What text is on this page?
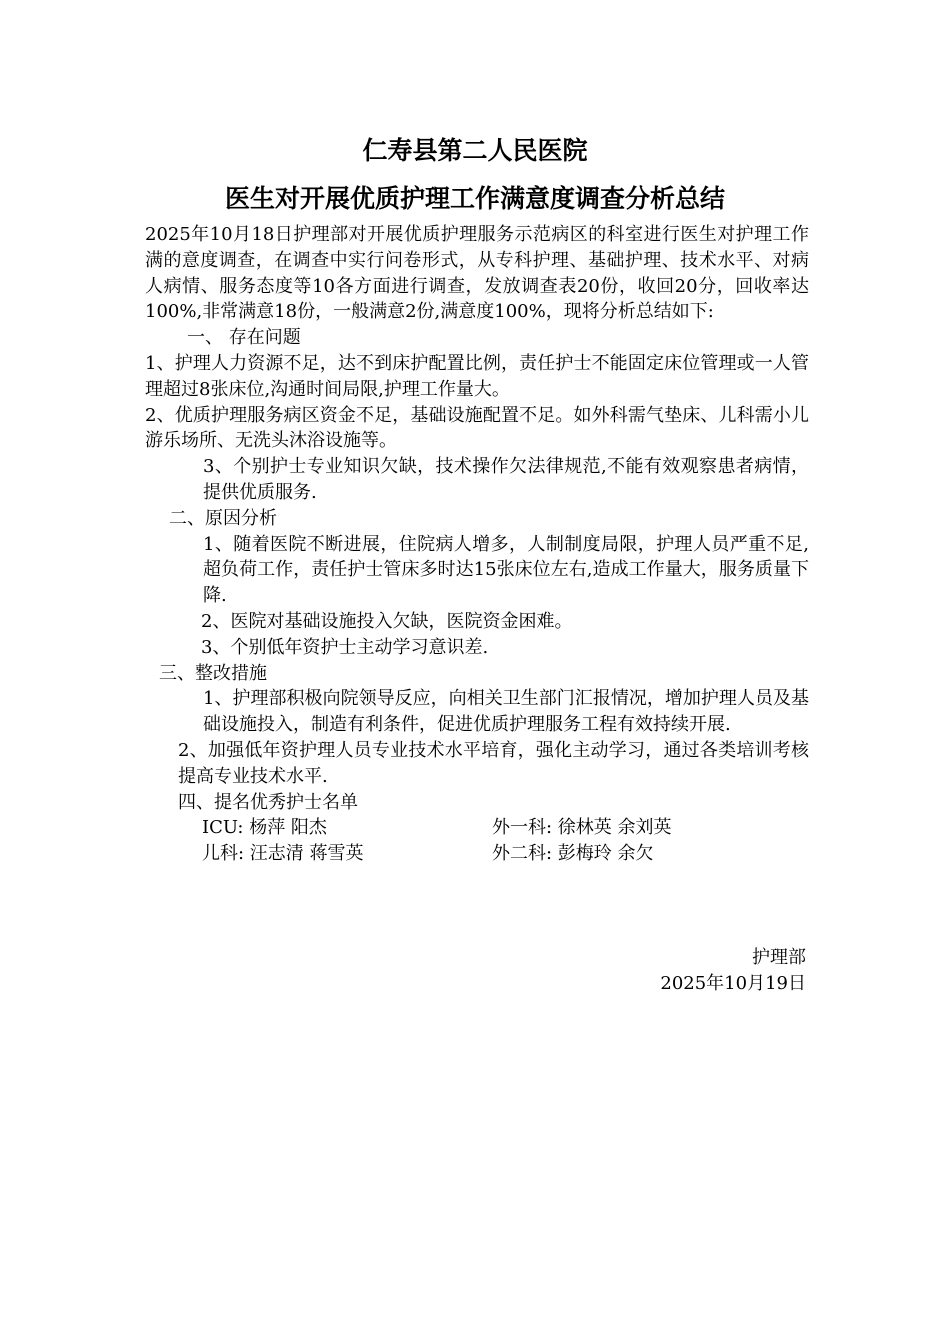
仁寿县第二人民医院
医生对开展优质护理工作满意度调查分析总结

2025年10月18日护理部对开展优质护理服务示范病区的科室进行医生对护理工作满的意度调查，在调查中实行问卷形式，从专科护理、基础护理、技术水平、对病人病情、服务态度等10各方面进行调查，发放调查表20份，收回20分，回收率达100%,非常满意18份，一般满意2份,满意度100%，现将分析总结如下:

一、 存在问题

1、护理人力资源不足，达不到床护配置比例，责任护士不能固定床位管理或一人管理超过8张床位,沟通时间局限,护理工作量大。

2、优质护理服务病区资金不足，基础设施配置不足。如外科需气垫床、儿科需小儿游乐场所、无洗头沐浴设施等。

3、个别护士专业知识欠缺，技术操作欠法律规范,不能有效观察患者病情，提供优质服务.

二、原因分析

1、随着医院不断进展，住院病人增多，人制制度局限，护理人员严重不足,超负荷工作，责任护士管床多时达15张床位左右,造成工作量大，服务质量下降.

2、医院对基础设施投入欠缺，医院资金困难。

3、个别低年资护士主动学习意识差.

三、整改措施

1、护理部积极向院领导反应，向相关卫生部门汇报情况，增加护理人员及基础设施投入，制造有利条件，促进优质护理服务工程有效持续开展.

2、加强低年资护理人员专业技术水平培育，强化主动学习，通过各类培训考核提高专业技术水平.

四、提名优秀护士名单

ICU: 杨萍 阳杰	外一科: 徐林英 余刘英
儿科: 汪志清 蒋雪英	外二科: 彭梅玲 余欠
护理部
2025年10月19日
